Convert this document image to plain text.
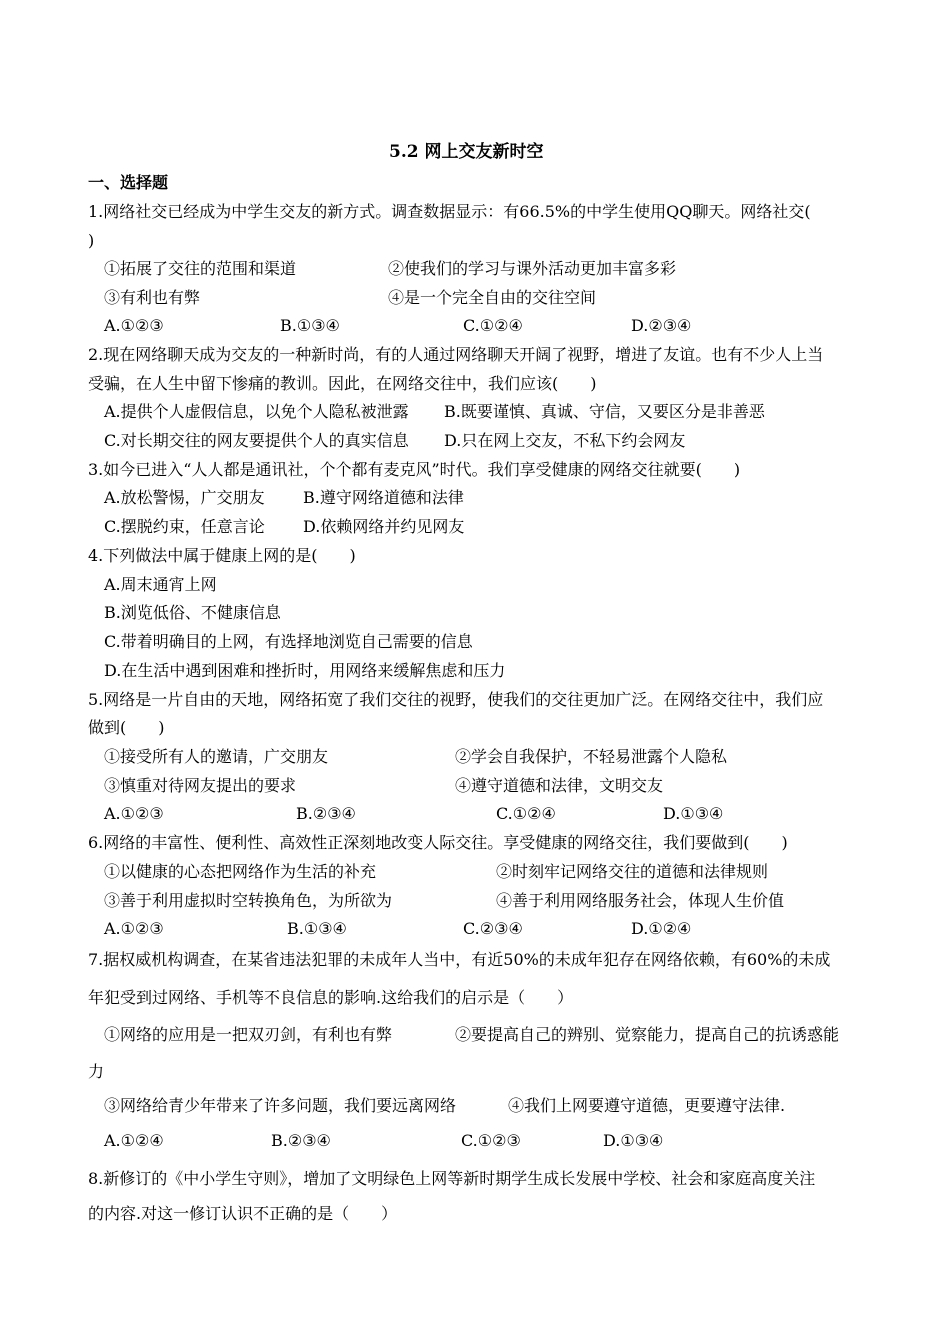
5.2 网上交友新时空
一、选择题
1.网络社交已经成为中学生交友的新方式。调查数据显示：有66.5%的中学生使用QQ聊天。网络社交(
)
①拓展了交往的范围和渠道	②使我们的学习与课外活动更加丰富多彩
③有利也有弊	④是一个完全自由的交往空间
A.①②③	B.①③④	C.①②④	D.②③④
2.现在网络聊天成为交友的一种新时尚，有的人通过网络聊天开阔了视野，增进了友谊。也有不少人上当
受骗，在人生中留下惨痛的教训。因此，在网络交往中，我们应该(　　)
A.提供个人虚假信息，以免个人隐私被泄露 B.既要谨慎、真诚、守信，又要区分是非善恶
C.对长期交往的网友要提供个人的真实信息 D.只在网上交友，不私下约会网友
3.如今已进入“人人都是通讯社，个个都有麦克风”时代。我们享受健康的网络交往就要(　　)
A.放松警惕，广交朋友 B.遵守网络道德和法律
C.摆脱约束，任意言论 D.依赖网络并约见网友
4.下列做法中属于健康上网的是(　　)
A.周末通宵上网
B.浏览低俗、不健康信息
C.带着明确目的上网，有选择地浏览自己需要的信息
D.在生活中遇到困难和挫折时，用网络来缓解焦虑和压力
5.网络是一片自由的天地，网络拓宽了我们交往的视野，使我们的交往更加广泛。在网络交往中，我们应
做到(　　)
①接受所有人的邀请，广交朋友	②学会自我保护，不轻易泄露个人隐私
③慎重对待网友提出的要求	④遵守道德和法律，文明交友
A.①②③	B.②③④	C.①②④	D.①③④
6.网络的丰富性、便利性、高效性正深刻地改变人际交往。享受健康的网络交往，我们要做到(　　)
①以健康的心态把网络作为生活的补充	②时刻牢记网络交往的道德和法律规则
③善于利用虚拟时空转换角色，为所欲为	④善于利用网络服务社会，体现人生价值
A.①②③	B.①③④	C.②③④	D.①②④
7.据权威机构调查，在某省违法犯罪的未成年人当中，有近50%的未成年犯存在网络依赖，有60%的未成
年犯受到过网络、手机等不良信息的影响.这给我们的启示是（　　）
①网络的应用是一把双刃剑，有利也有弊	②要提高自己的辨别、觉察能力，提高自己的抗诱惑能
力
③网络给青少年带来了许多问题，我们要远离网络	④我们上网要遵守道德，更要遵守法律.
A.①②④	B.②③④	C.①②③	D.①③④
8.新修订的《中小学生守则》，增加了文明绿色上网等新时期学生成长发展中学校、社会和家庭高度关注
的内容.对这一修订认识不正确的是（　　）
